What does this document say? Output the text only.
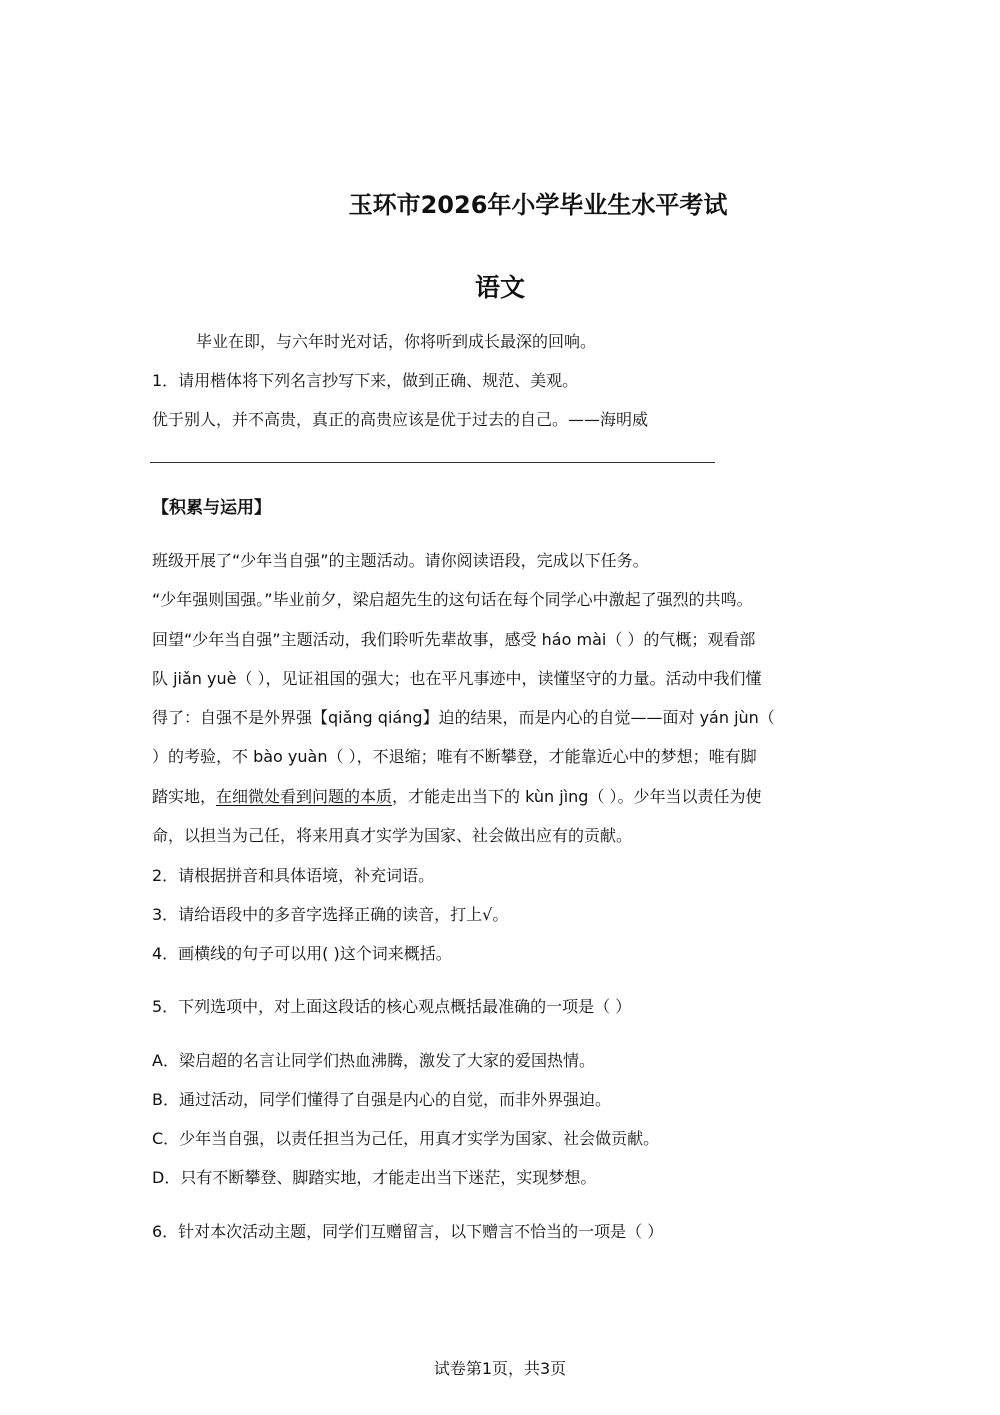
玉环市2026年小学毕业生水平考试
语文
毕业在即，与六年时光对话，你将听到成长最深的回响。
1．请用楷体将下列名言抄写下来，做到正确、规范、美观。
优于别人，并不高贵，真正的高贵应该是优于过去的自己。——海明威
【积累与运用】
班级开展了“少年当自强”的主题活动。请你阅读语段，完成以下任务。
“少年强则国强。”毕业前夕，梁启超先生的这句话在每个同学心中激起了强烈的共鸣。
回望“少年当自强”主题活动，我们聆听先辈故事，感受 háo mài（ ）的气概；观看部
队 jiǎn yuè（ ），见证祖国的强大；也在平凡事迹中，读懂坚守的力量。活动中我们懂
得了：自强不是外界强【qiǎng qiáng】迫的结果，而是内心的自觉——面对 yán jùn（
）的考验，不 bào yuàn（ ），不退缩；唯有不断攀登，才能靠近心中的梦想；唯有脚
踏实地，在细微处看到问题的本质，才能走出当下的 kùn jìng（ ）。少年当以责任为使
命，以担当为己任，将来用真才实学为国家、社会做出应有的贡献。
2．请根据拼音和具体语境，补充词语。
3．请给语段中的多音字选择正确的读音，打上√。
4．画横线的句子可以用( )这个词来概括。
5．下列选项中，对上面这段话的核心观点概括最准确的一项是（ ）
A．梁启超的名言让同学们热血沸腾，激发了大家的爱国热情。
B．通过活动，同学们懂得了自强是内心的自觉，而非外界强迫。
C．少年当自强，以责任担当为己任，用真才实学为国家、社会做贡献。
D．只有不断攀登、脚踏实地，才能走出当下迷茫，实现梦想。
6．针对本次活动主题，同学们互赠留言，以下赠言不恰当的一项是（ ）
试卷第1页，共3页
